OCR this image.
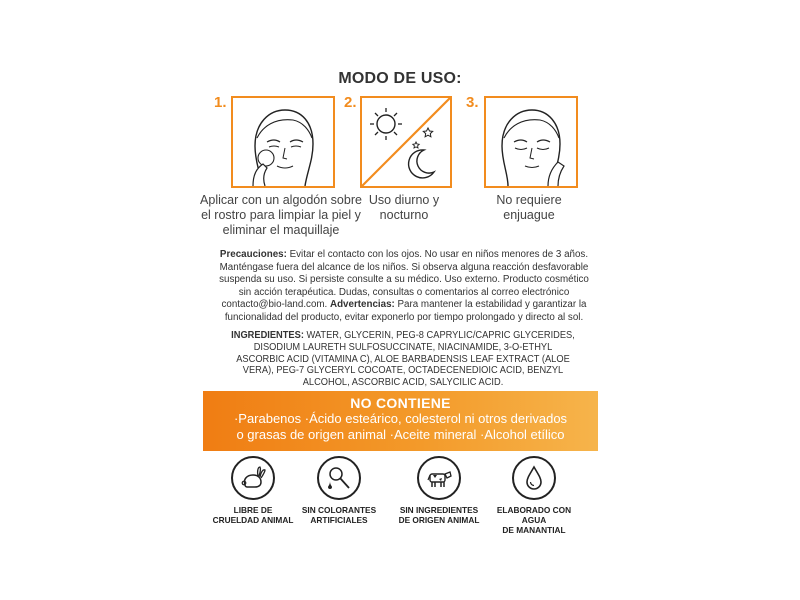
MODO DE USO:
1.
Aplicar con un algodón sobre
el rostro para limpiar la piel y
eliminar el maquillaje
2.
Uso diurno y
nocturno
3.
No requiere
enjuague
Precauciones: Evitar el contacto con los ojos. No usar en niños menores de 3 años. Manténgase fuera del alcance de los niños. Si observa alguna reacción desfavorable suspenda su uso. Si persiste consulte a su médico. Uso externo. Producto cosmético sin acción terapéutica. Dudas, consultas o comentarios al correo electrónico contacto@bio-land.com. Advertencias: Para mantener la estabilidad y garantizar la funcionalidad del producto, evitar exponerlo por tiempo prolongado y directo al sol.
INGREDIENTES: WATER, GLYCERIN, PEG-8 CAPRYLIC/CAPRIC GLYCERIDES, DISODIUM LAURETH SULFOSUCCINATE, NIACINAMIDE, 3-O-ETHYL ASCORBIC ACID (VITAMINA C), ALOE BARBADENSIS LEAF EXTRACT (ALOE VERA), PEG-7 GLYCERYL COCOATE, OCTADECENEDIOIC ACID, BENZYL ALCOHOL, ASCORBIC ACID, SALYCILIC ACID.
NO CONTIENE
·Parabenos ·Ácido esteárico, colesterol ni otros derivados
o grasas de origen animal ·Aceite mineral ·Alcohol etílico
LIBRE DE
CRUELDAD ANIMAL
SIN COLORANTES
ARTIFICIALES
SIN INGREDIENTES
DE ORIGEN ANIMAL
ELABORADO CON AGUA
DE MANANTIAL
